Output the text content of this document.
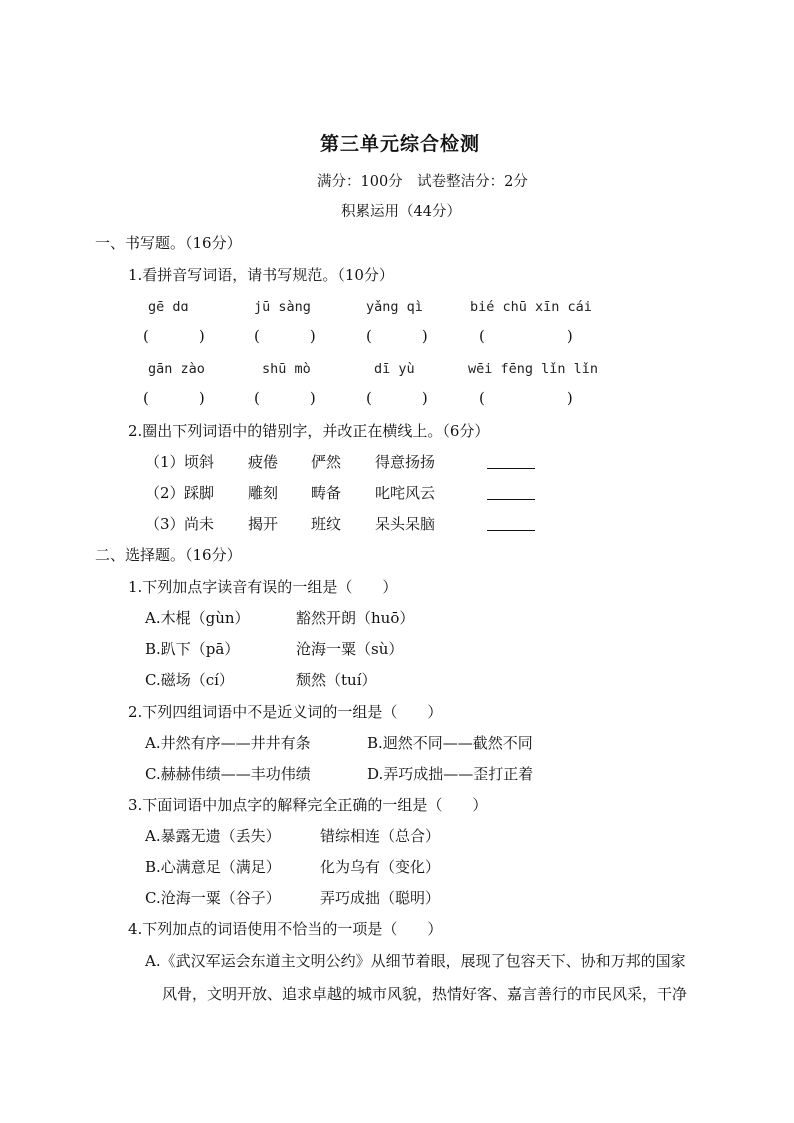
第三单元综合检测
满分：100分　试卷整洁分：2分
积累运用（44分）
一、书写题。（16分）
1.看拼音写词语，请书写规范。（10分）
gē dɑ	jū sàng	yǎng qì	bié chū xīn cái
(	)	(	)	(	)	(	)
gān zào	shū mò	dī yù	wēi fēng lǐn lǐn
(	)	(	)	(	)	(	)
2.圈出下列词语中的错别字，并改正在横线上。（6分）
（1） 顷斜 疲倦 俨然 得意扬扬
（2） 踩脚 雕刻 畴备 叱咤风云
（3） 尚未 揭开 班纹 呆头呆脑
二、选择题。（16分）
1.下列加点字读音有误的一组是（　　）
A.木棍（gùn）	豁然开朗（huō）
B.趴下（pā）	沧海一粟（sù）
C.磁场（cí）	颓然（tuí）
2.下列四组词语中不是近义词的一组是（　　）
A.井然有序——井井有条	B.迥然不同——截然不同
C.赫赫伟绩——丰功伟绩	D.弄巧成拙——歪打正着
3.下面词语中加点字的解释完全正确的一组是（　　）
A.暴露无遗（丢失）	错综相连（总合）
B.心满意足（满足）	化为乌有（变化）
C.沧海一粟（谷子）	弄巧成拙（聪明）
4.下列加点的词语使用不恰当的一项是（　　）
A.《武汉军运会东道主文明公约》从细节着眼，展现了包容天下、协和万邦的国家
风骨，文明开放、追求卓越的城市风貌，热情好客、嘉言善行的市民风采，干净
